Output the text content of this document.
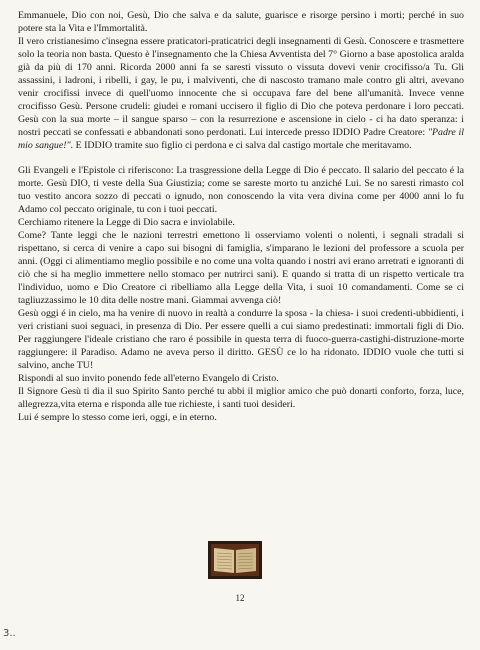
Emmanuele, Dio con noi, Gesù, Dio che salva e da salute, guarisce e risorge persino i morti; perché in suo potere sta la Vita e l'Immortalità.

Il vero cristianesimo c'insegna essere praticatori-praticatrici degli insegnamenti di Gesù. Conoscere e trasmettere solo la teoria non basta. Questo è l'insegnamento che la Chiesa Avventista del 7° Giorno a base apostolica aralda già da più di 170 anni. Ricorda 2000 anni fa se saresti vissuto o vissuta dovevi venir crocifisso/a Tu. Gli assassini, i ladroni, i ribelli, i gay, le pu, i malviventi, che di nascosto tramano male contro gli altri, avevano venir crocifissi invece di quell'uomo innocente che si occupava fare del bene all'umanità. Invece venne crocifisso Gesù. Persone crudeli: giudei e romani uccisero il figlio di Dio che poteva perdonare i loro peccati. Gesù con la sua morte – il sangue sparso – con la resurrezione e ascensione in cielo - ci ha dato speranza: i nostri peccati se confessati e abbandonati sono perdonati. Lui intercede presso IDDIO Padre Creatore: "Padre il mio sangue!". E IDDIO tramite suo figlio ci perdona e ci salva dal castigo mortale che meritavamo.

Gli Evangeli e l'Epistole ci riferiscono: La trasgressione della Legge di Dio é peccato. Il salario del peccato é la morte. Gesù DIO, ti veste della Sua Giustizia; come se sareste morto tu anziché Lui. Se no saresti rimasto col tuo vestito ancora sozzo di peccati o ignudo, non conoscendo la vita vera divina come per 4000 anni lo fu Adamo col peccato originale, tu con i tuoi peccati.

Cerchiamo ritenere la Legge di Dio sacra e inviolabile.

Come? Tante leggi che le nazioni terrestri emettono li osserviamo volenti o nolenti, i segnali stradali si rispettano, si cerca di venire a capo sui bisogni di famiglia, s'imparano le lezioni del professore a scuola per anni. (Oggi ci alimentiamo meglio possibile e no come una volta quando i nostri avi erano arretrati e ignoranti di ciò che si ha meglio immettere nello stomaco per nutrirci sani). E quando si tratta di un rispetto verticale tra l'individuo, uomo e Dio Creatore ci ribelliamo alla Legge della Vita, i suoi 10 comandamenti. Come se ci tagliuzzassimo le 10 dita delle nostre mani. Giammai avvenga ciò!

Gesù oggi é in cielo, ma ha venire di nuovo in realtà a condurre la sposa - la chiesa- i suoi credenti-ubbidienti, i veri cristiani suoi seguaci, in presenza di Dio. Per essere quelli a cui siamo predestinati: immortali figli di Dio. Per raggiungere l'ideale cristiano che raro é possibile in questa terra di fuoco-guerra-castighi-distruzione-morte raggiungere: il Paradiso. Adamo ne aveva perso il diritto. GESÙ ce lo ha ridonato. IDDIO vuole che tutti si salvino, anche TU!

Rispondi al suo invito ponendo fede all'eterno Evangelo di Cristo.

Il Signore Gesù ti dia il suo Spirito Santo perché tu abbi il miglior amico che può donarti conforto, forza, luce, allegrezza,vita eterna e risponda alle tue richieste, i santi tuoi desideri.

Lui é sempre lo stesso come ieri, oggi, e in eterno.

12
3..
